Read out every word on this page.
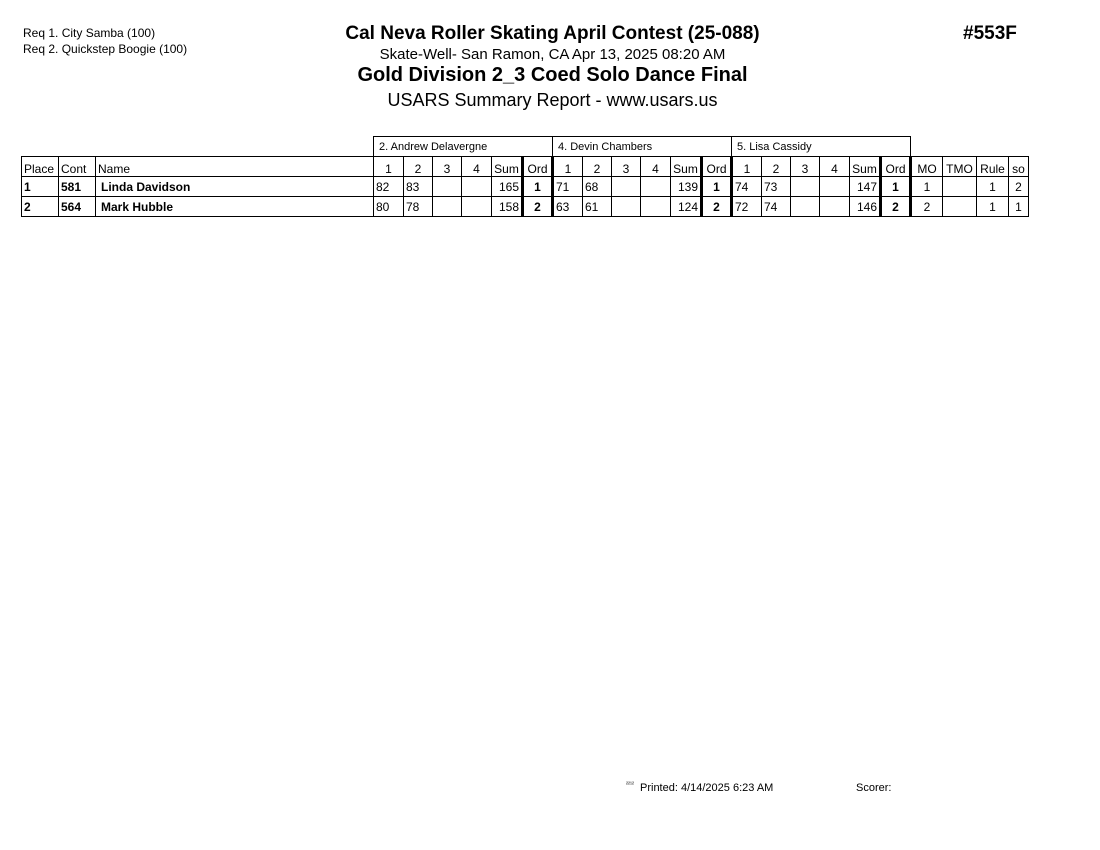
Req 1. City Samba (100)
Req 2. Quickstep Boogie (100)
Cal Neva Roller Skating April Contest (25-088)
Skate-Well- San Ramon, CA Apr 13, 2025 08:20 AM
Gold Division 2_3 Coed Solo Dance Final
USARS Summary Report - www.usars.us
#553F
			2. Andrew Delavergne						4. Devin Chambers						5. Lisa Cassidy									
Place	Cont	Name	1	2	3	4	Sum	Ord	1	2	3	4	Sum	Ord	1	2	3	4	Sum	Ord	MO	TMO	Rule	so
1	581	Linda Davidson	82	83			165	1	71	68			139	1	74	73			147	1	1		1	2
2	564	Mark Hubble	80	78			158	2	63	61			124	2	72	74			146	2	2		1	1
$^{^{2212}}$ Printed: 4/14/2025 6:23 AM	Scorer:
